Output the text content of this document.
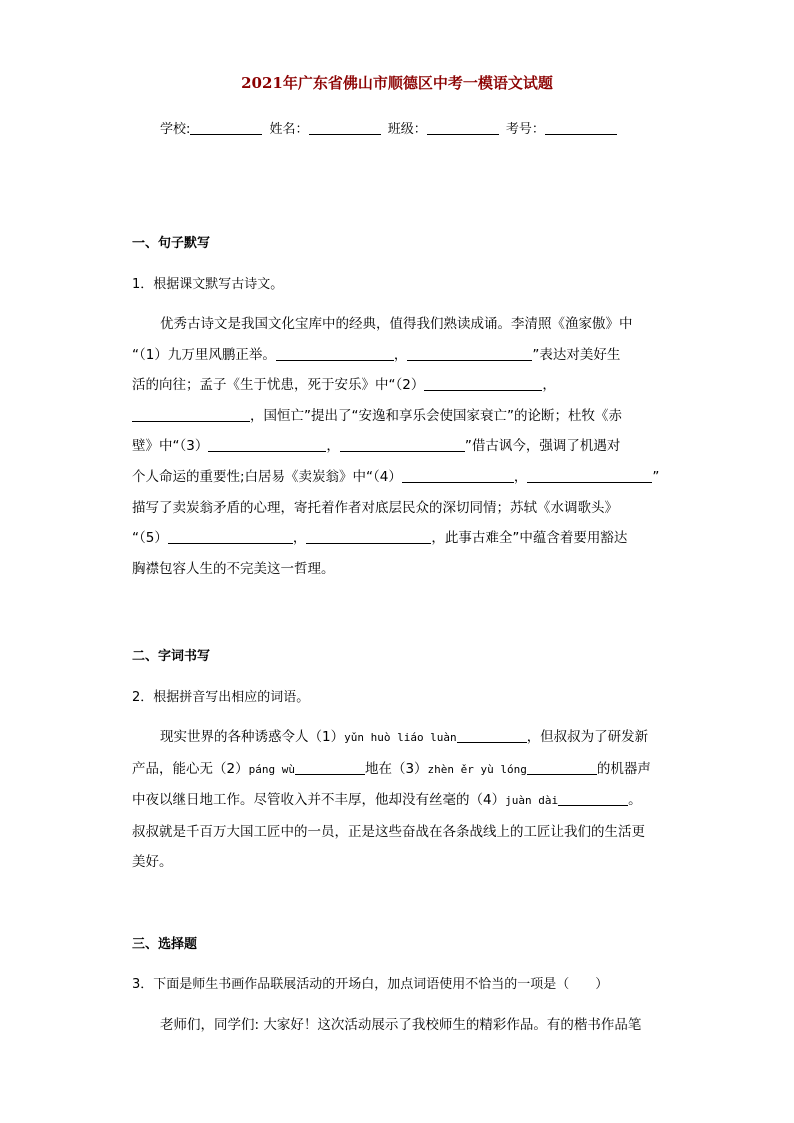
2021年广东省佛山市顺德区中考一模语文试题
学校:	姓名：	班级：	考号：
一、句子默写
1．根据课文默写古诗文。

优秀古诗文是我国文化宝库中的经典，值得我们熟读成诵。李清照《渔家傲》中

“（1）九万里风鹏正举。	，	”表达对美好生

活的向往；孟子《生于忧患，死于安乐》中“（2）	，

，国恒亡”提出了“安逸和享乐会使国家衰亡”的论断；杜牧《赤

壁》中“（3）	，	”借古讽今，强调了机遇对

个人命运的重要性;白居易《卖炭翁》中“（4）	，	”

描写了卖炭翁矛盾的心理，寄托着作者对底层民众的深切同情；苏轼《水调歌头》

“（5）	，	，此事古难全”中蕴含着要用豁达

胸襟包容人生的不完美这一哲理。

二、字词书写
2．根据拼音写出相应的词语。

现实世界的各种诱惑令人（1）yǔn huò liáo luàn	，但叔叔为了研发新

产品，能心无（2）páng wù	地在（3）zhèn ěr yù lóng	的机器声

中夜以继日地工作。尽管收入并不丰厚，他却没有丝毫的（4）juàn dài	。

叔叔就是千百万大国工匠中的一员，正是这些奋战在各条战线上的工匠让我们的生活更

美好。

三、选择题
3．下面是师生书画作品联展活动的开场白，加点词语使用不恰当的一项是（　　）

老师们，同学们: 大家好！这次活动展示了我校师生的精彩作品。有的楷书作品笔
